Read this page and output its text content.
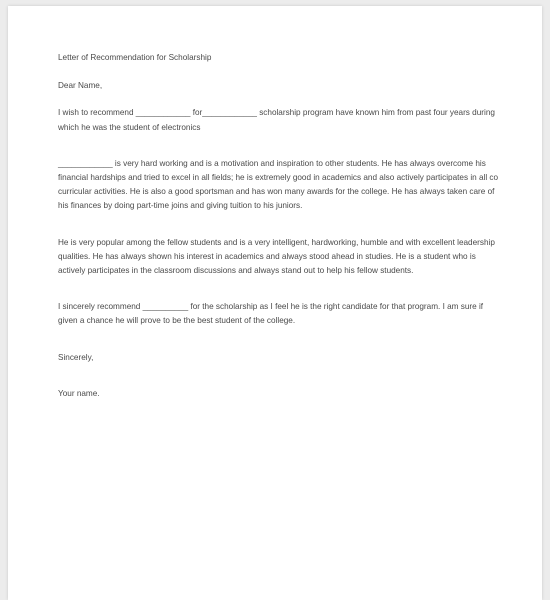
Letter of Recommendation for Scholarship

Dear Name,

I wish to recommend ____________ for____________ scholarship program have known him from past four years during

which he was the student of electronics

____________ is very hard working and is a motivation and inspiration to other students. He has always overcome his

financial hardships and tried to excel in all fields; he is extremely good in academics and also actively participates in all co

curricular activities. He is also a good sportsman and has won many awards for the college. He has always taken care of

his finances by doing part-time joins and giving tuition to his juniors.

He is very popular among the fellow students and is a very intelligent, hardworking, humble and with excellent leadership

qualities. He has always shown his interest in academics and always stood ahead in studies. He is a student who is

actively participates in the classroom discussions and always stand out to help his fellow students.

I sincerely recommend __________ for the scholarship as I feel he is the right candidate for that program. I am sure if

given a chance he will prove to be the best student of the college.

Sincerely,

Your name.
